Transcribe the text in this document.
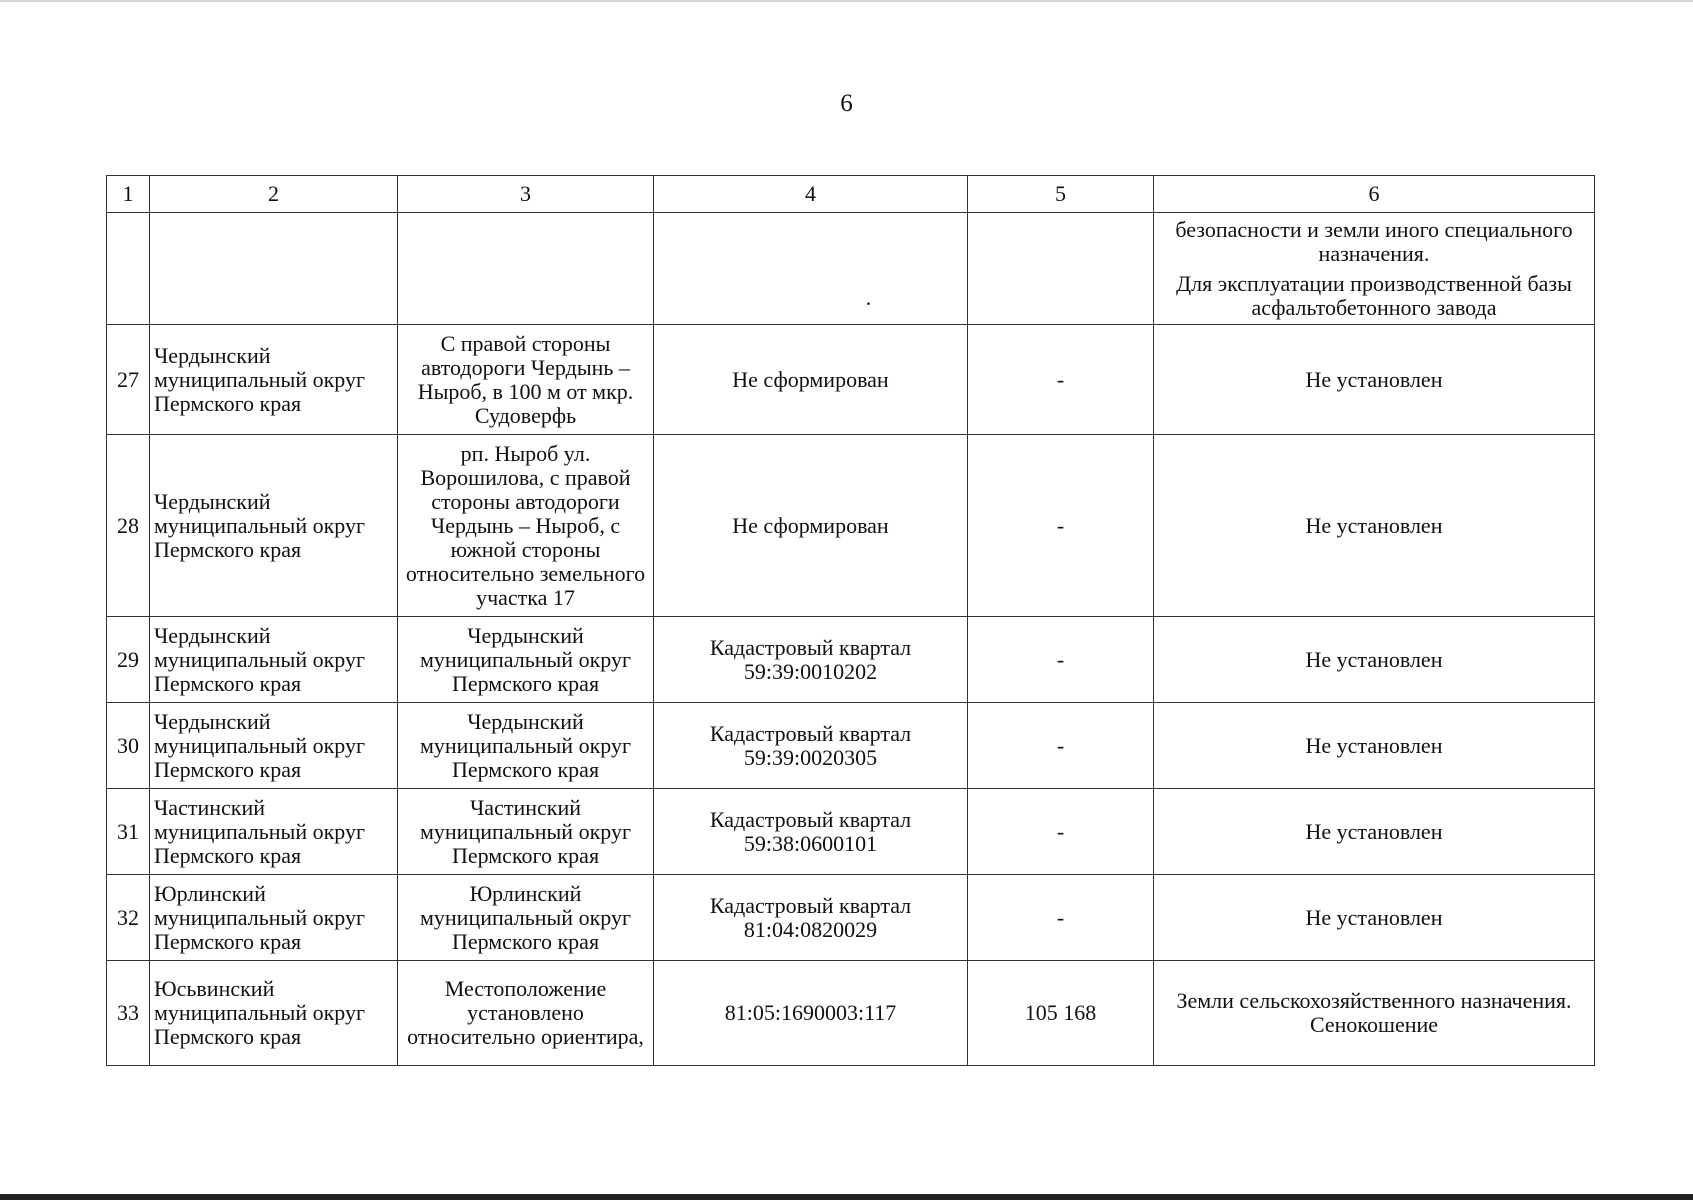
6
1	2	3	4	5	6
			.		безопасности и земли иного специального назначения.
Для эксплуатации производственной базы асфальтобетонного завода

27	Чердынский муниципальный округ Пермского края	С правой стороны автодороги Чердынь – Ныроб, в 100 м от мкр. Судоверфь	Не сформирован	-	Не установлен
28	Чердынский муниципальный округ Пермского края	рп. Ныроб ул. Ворошилова, с правой стороны автодороги Чердынь – Ныроб, с южной стороны относительно земельного участка 17	Не сформирован	-	Не установлен
29	Чердынский муниципальный округ Пермского края	Чердынский муниципальный округ Пермского края	Кадастровый квартал 59:39:0010202	-	Не установлен
30	Чердынский муниципальный округ Пермского края	Чердынский муниципальный округ Пермского края	Кадастровый квартал 59:39:0020305	-	Не установлен
31	Частинский муниципальный округ Пермского края	Частинский муниципальный округ Пермского края	Кадастровый квартал 59:38:0600101	-	Не установлен
32	Юрлинский муниципальный округ Пермского края	Юрлинский муниципальный округ Пермского края	Кадастровый квартал 81:04:0820029	-	Не установлен
33	Юсьвинский муниципальный округ Пермского края	Местоположение установлено относительно ориентира,	81:05:1690003:117	105 168	Земли сельскохозяйственного назначения. Сенокошение
